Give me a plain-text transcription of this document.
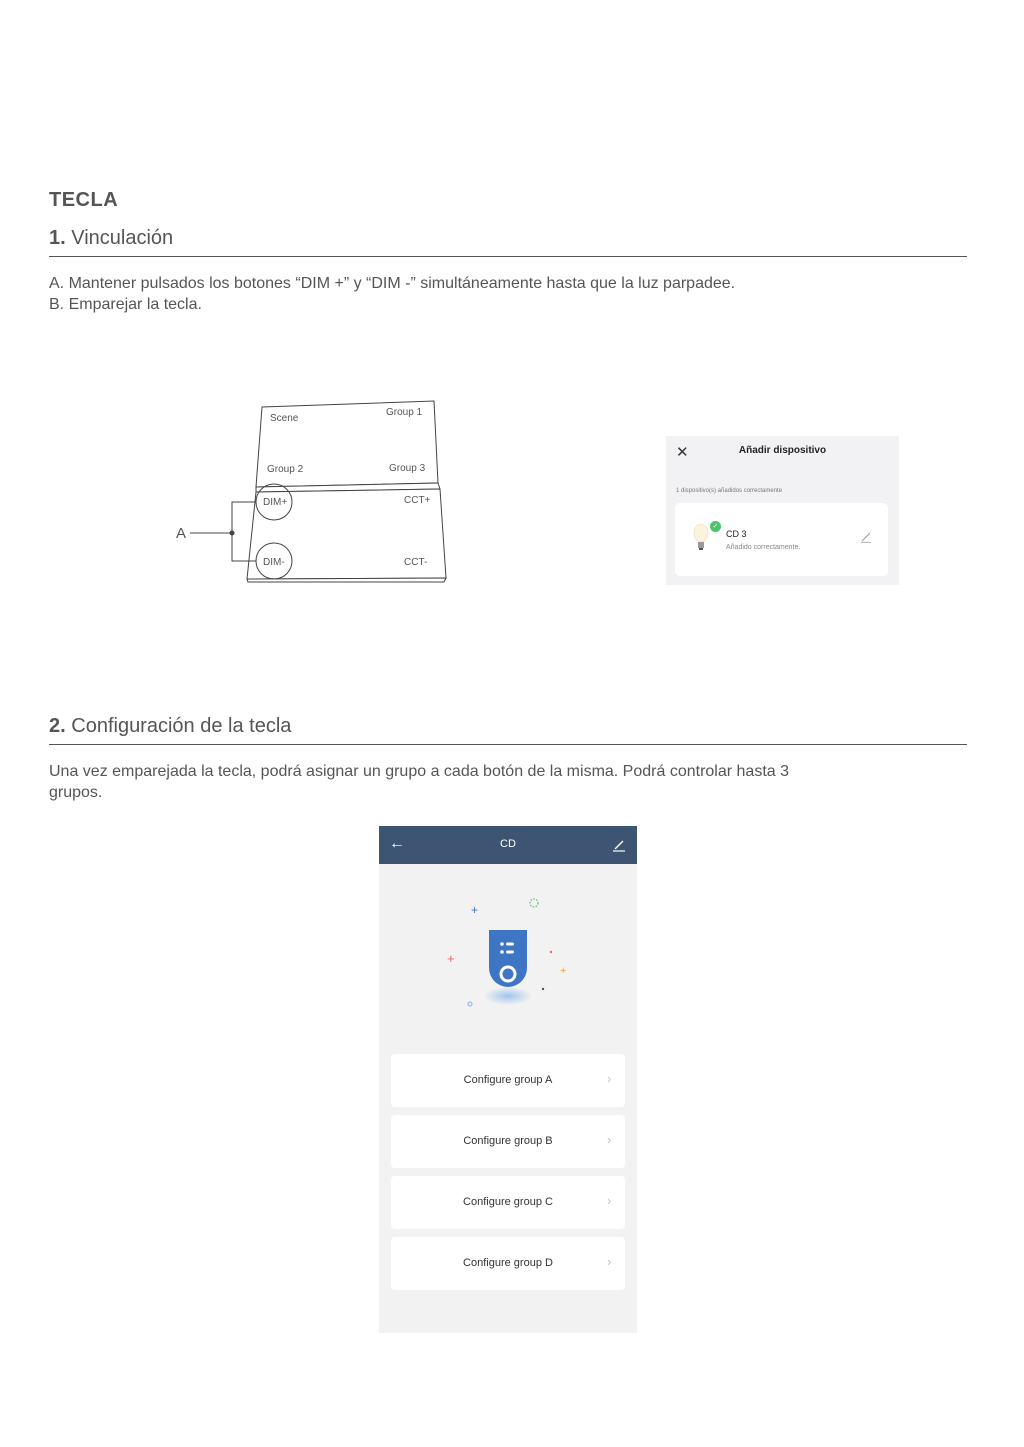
TECLA
1. Vinculación
A. Mantener pulsados los botones “DIM +” y “DIM -” simultáneamente hasta que la luz parpadee.
B. Emparejar la tecla.
Scene
Group 1
Group 2	Group 3
DIM+	CCT+
DIM-	CCT-
A
✕	Añadir dispositivo
1 dispositivo(s) añadidos correctamente
✓
CD 3
Añadido correctamente.
2. Configuración de la tecla
Una vez emparejada la tecla, podrá asignar un grupo a cada botón de la misma. Podrá controlar hasta 3 grupos.
←	CD
+
+
+
Configure group A	›
Configure group B	›
Configure group C	›
Configure group D	›
